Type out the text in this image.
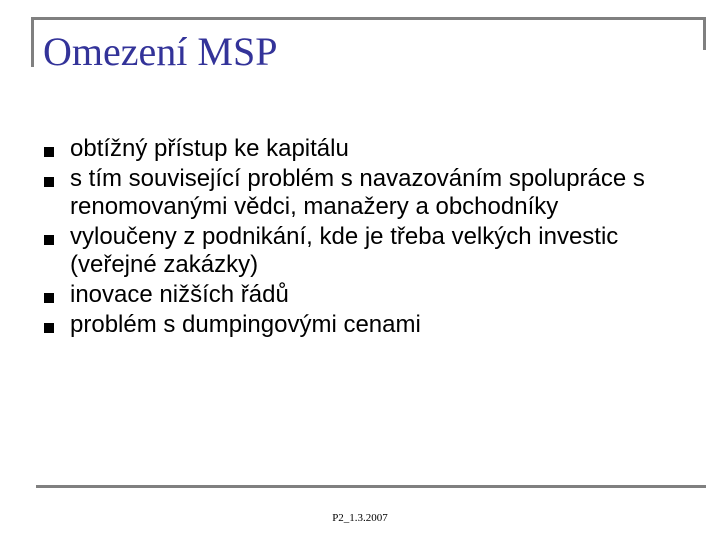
Omezení MSP
obtížný přístup ke kapitálu
s tím související problém s navazováním spolupráce s renomovanými vědci, manažery a obchodníky
vyloučeny z podnikání, kde je třeba velkých investic (veřejné zakázky)
inovace nižších řádů
problém s dumpingovými cenami
P2_1.3.2007
